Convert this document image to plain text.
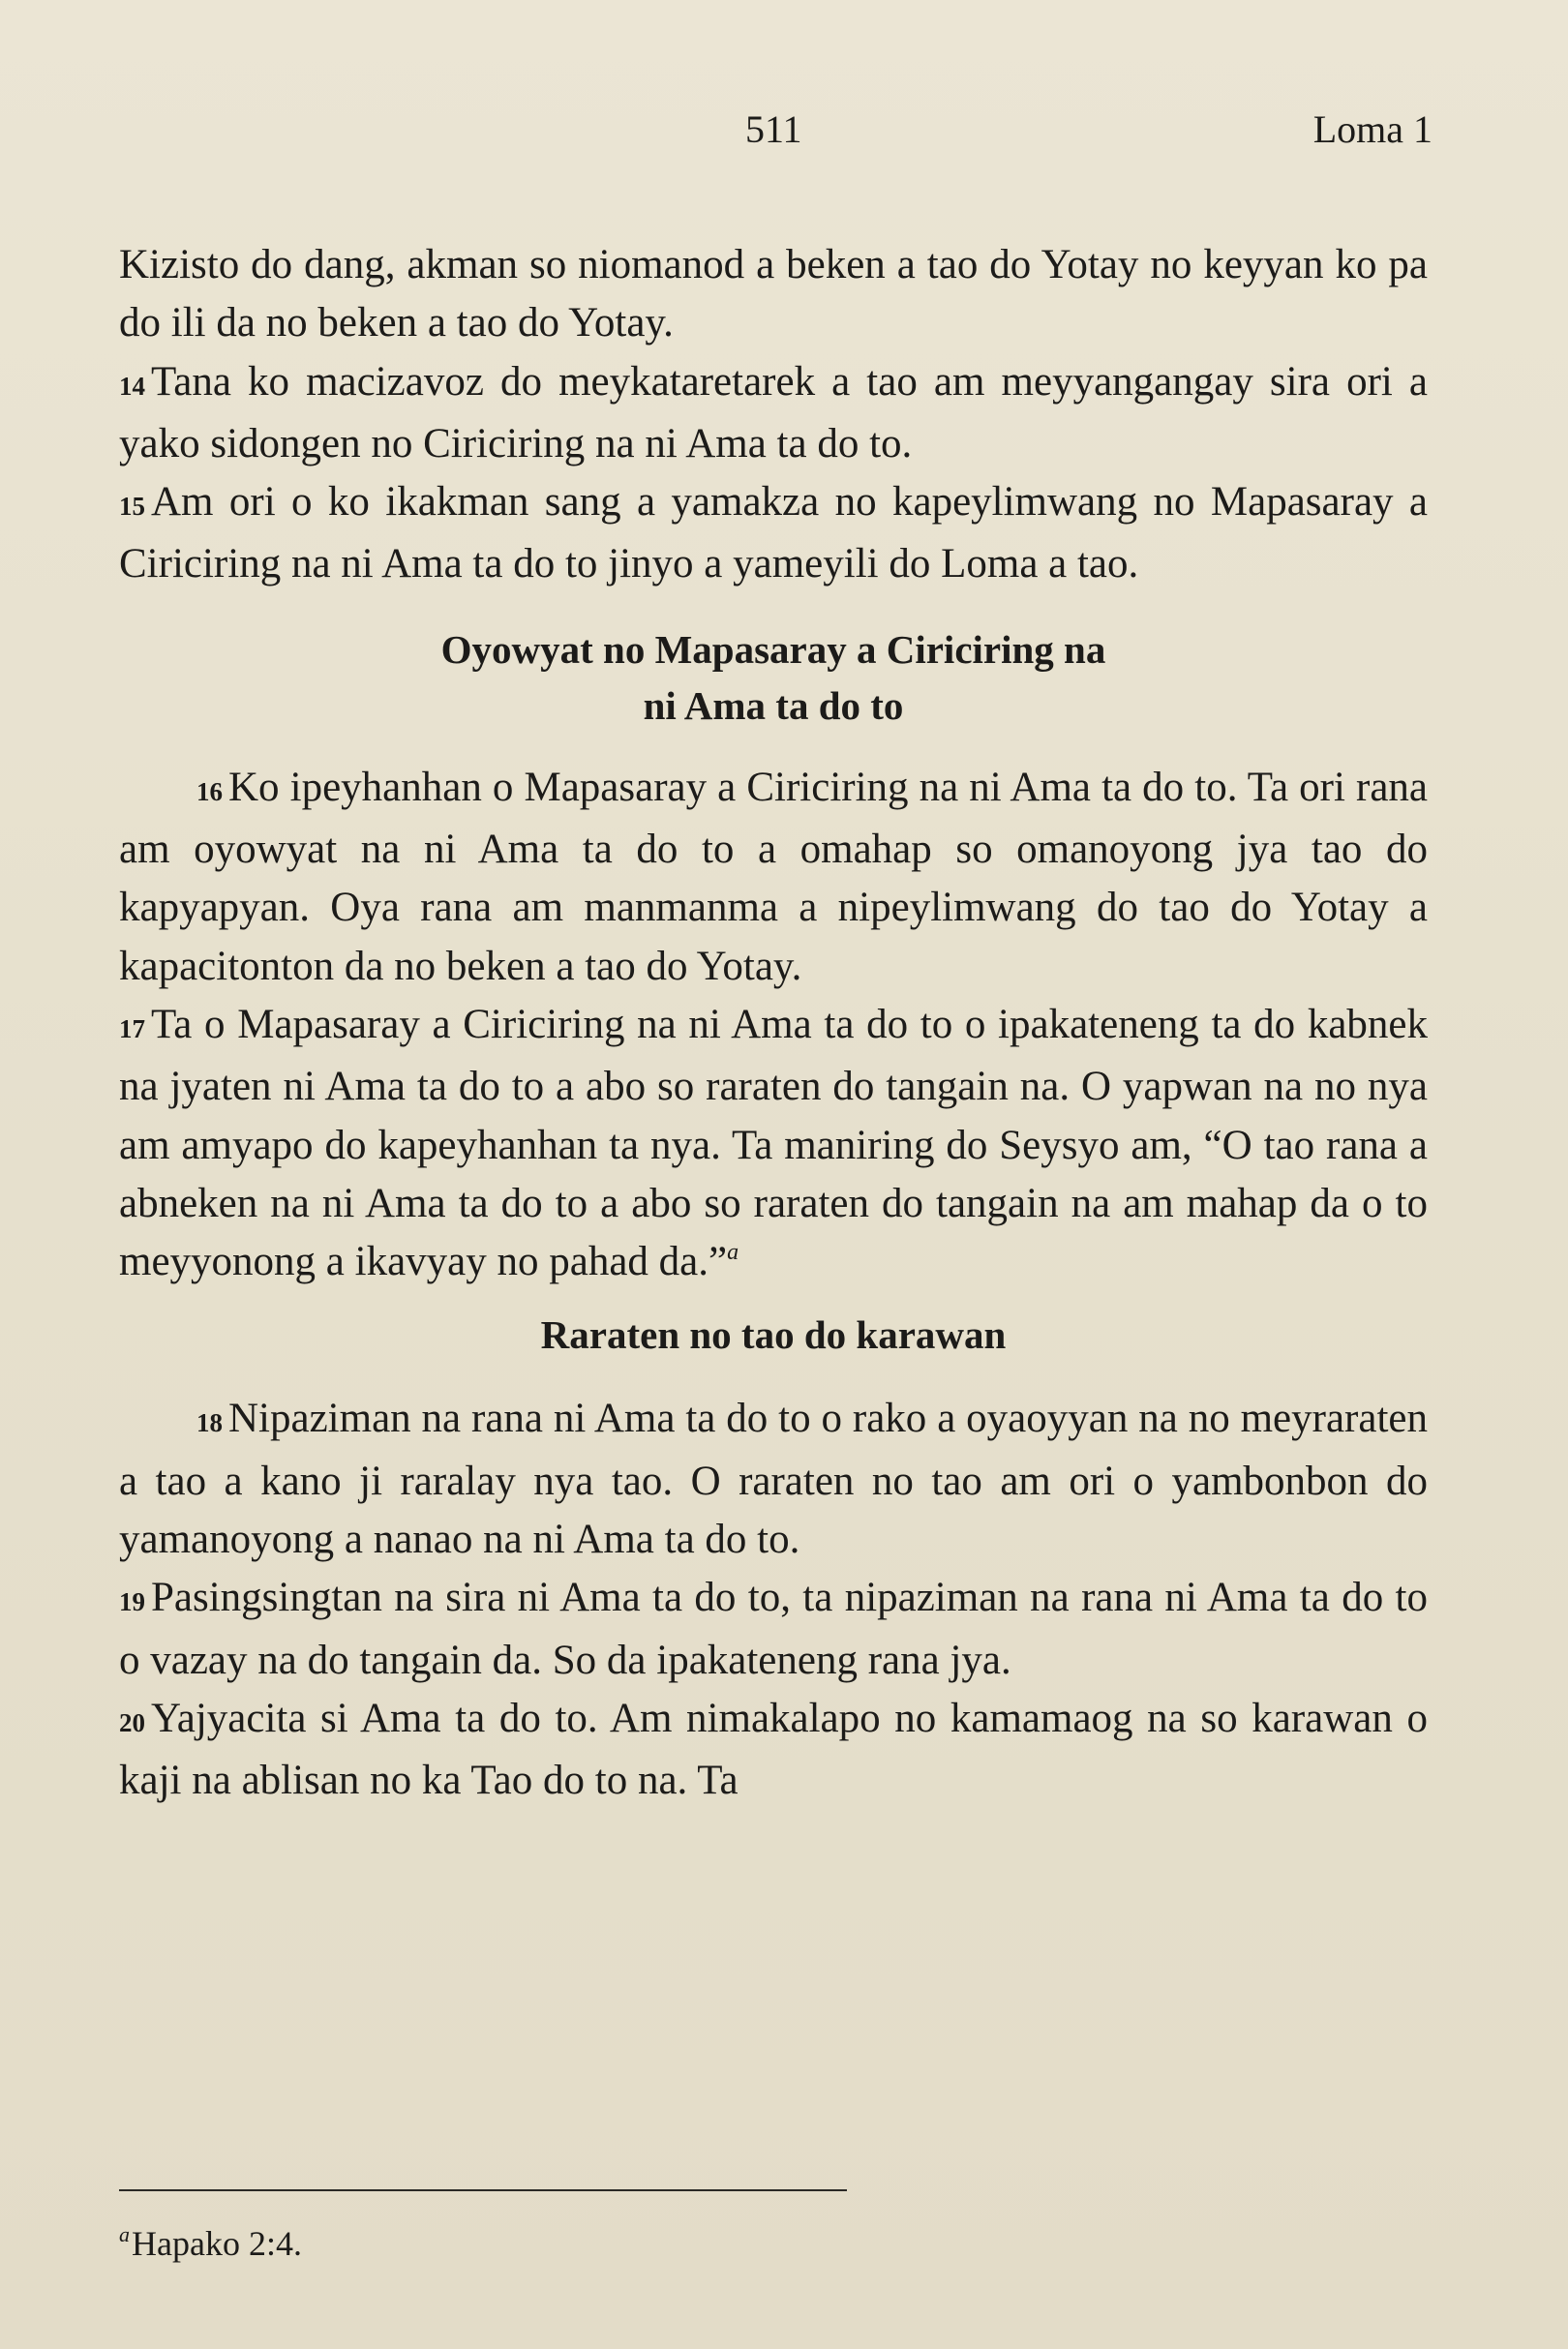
511	Loma 1

Kizisto do dang, akman so niomanod a beken a tao do Yotay no keyyan ko pa do ili da no beken a tao do Yotay.

14 Tana ko macizavoz do meykataretarek a tao am meyyangangay sira ori a yako sidongen no Ciriciring na ni Ama ta do to.

15 Am ori o ko ikakman sang a yamakza no kapeylimwang no Mapasaray a Ciriciring na ni Ama ta do to jinyo a yameyili do Loma a tao.

Oyowyat no Mapasaray a Ciriciring na
ni Ama ta do to

16 Ko ipeyhanhan o Mapasaray a Ciriciring na ni Ama ta do to. Ta ori rana am oyowyat na ni Ama ta do to a omahap so omanoyong jya tao do kapyapyan. Oya rana am manmanma a nipeylimwang do tao do Yotay a kapacitonton da no beken a tao do Yotay.

17 Ta o Mapasaray a Ciriciring na ni Ama ta do to o ipakateneng ta do kabnek na jyaten ni Ama ta do to a abo so raraten do tangain na. O yapwan na no nya am amyapo do kapeyhanhan ta nya. Ta maniring do Seysyo am, “O tao rana a abneken na ni Ama ta do to a abo so raraten do tangain na am mahap da o to meyyonong a ikavyay no pahad da.”$^a$

Raraten no tao do karawan

18 Nipaziman na rana ni Ama ta do to o rako a oyaoyyan na no meyraraten a tao a kano ji raralay nya tao. O raraten no tao am ori o yambonbon do yamanoyong a nanao na ni Ama ta do to.

19 Pasingsingtan na sira ni Ama ta do to, ta nipaziman na rana ni Ama ta do to o vazay na do tangain da. So da ipakateneng rana jya.

20 Yajyacita si Ama ta do to. Am nimakalapo no kamamaog na so karawan o kaji na ablisan no ka Tao do to na. Ta

$^a$Hapako 2:4.
